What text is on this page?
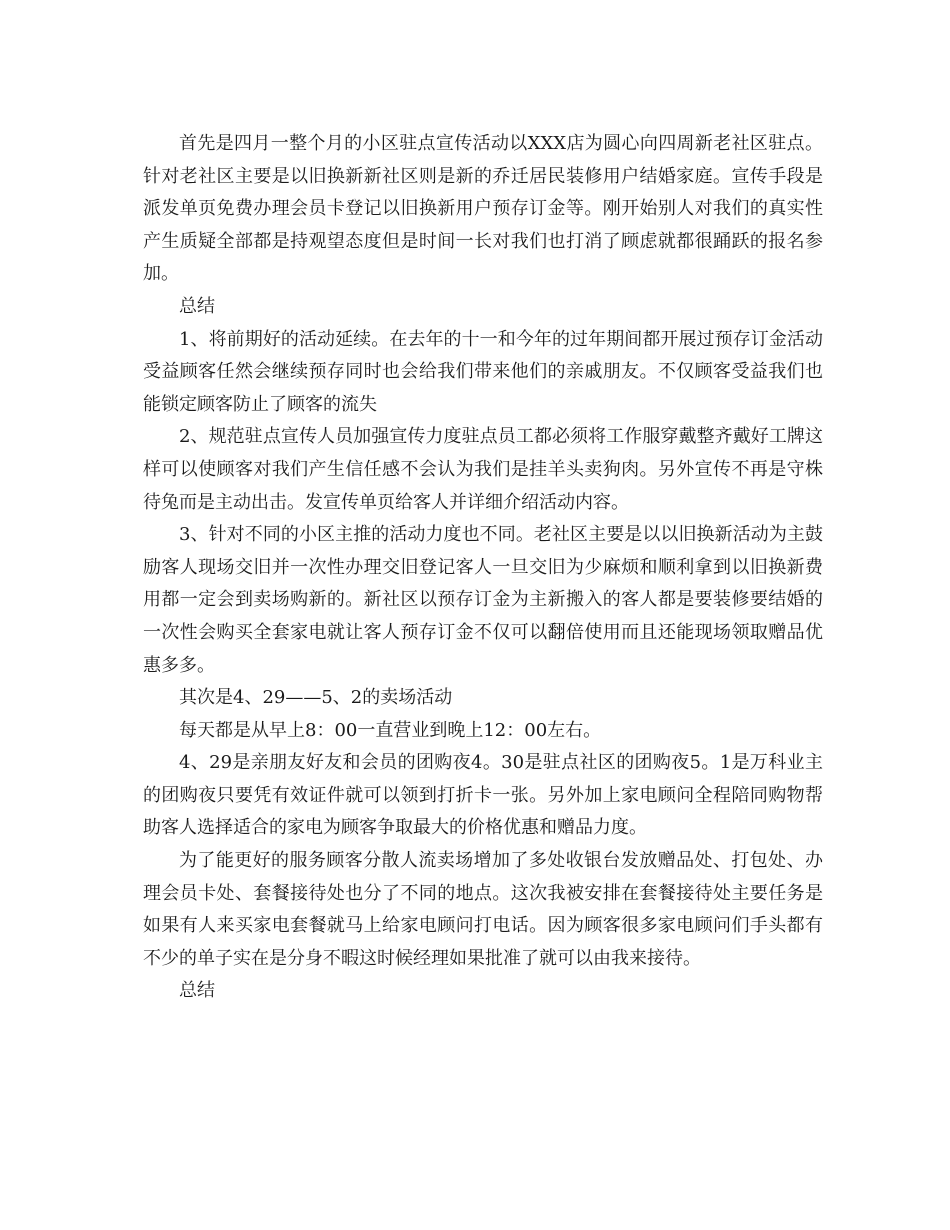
首先是四月一整个月的小区驻点宣传活动以XXX店为圆心向四周新老社区驻点。针对老社区主要是以旧换新新社区则是新的乔迁居民装修用户结婚家庭。宣传手段是派发单页免费办理会员卡登记以旧换新用户预存订金等。刚开始别人对我们的真实性产生质疑全部都是持观望态度但是时间一长对我们也打消了顾虑就都很踊跃的报名参加。

总结

1、将前期好的活动延续。在去年的十一和今年的过年期间都开展过预存订金活动受益顾客任然会继续预存同时也会给我们带来他们的亲戚朋友。不仅顾客受益我们也能锁定顾客防止了顾客的流失

2、规范驻点宣传人员加强宣传力度驻点员工都必须将工作服穿戴整齐戴好工牌这样可以使顾客对我们产生信任感不会认为我们是挂羊头卖狗肉。另外宣传不再是守株待兔而是主动出击。发宣传单页给客人并详细介绍活动内容。

3、针对不同的小区主推的活动力度也不同。老社区主要是以以旧换新活动为主鼓励客人现场交旧并一次性办理交旧登记客人一旦交旧为少麻烦和顺利拿到以旧换新费用都一定会到卖场购新的。新社区以预存订金为主新搬入的客人都是要装修要结婚的一次性会购买全套家电就让客人预存订金不仅可以翻倍使用而且还能现场领取赠品优惠多多。

其次是4、29——5、2的卖场活动

每天都是从早上8：00一直营业到晚上12：00左右。

4、29是亲朋友好友和会员的团购夜4。30是驻点社区的团购夜5。1是万科业主的团购夜只要凭有效证件就可以领到打折卡一张。另外加上家电顾问全程陪同购物帮助客人选择适合的家电为顾客争取最大的价格优惠和赠品力度。

为了能更好的服务顾客分散人流卖场增加了多处收银台发放赠品处、打包处、办理会员卡处、套餐接待处也分了不同的地点。这次我被安排在套餐接待处主要任务是如果有人来买家电套餐就马上给家电顾问打电话。因为顾客很多家电顾问们手头都有不少的单子实在是分身不暇这时候经理如果批准了就可以由我来接待。

总结
